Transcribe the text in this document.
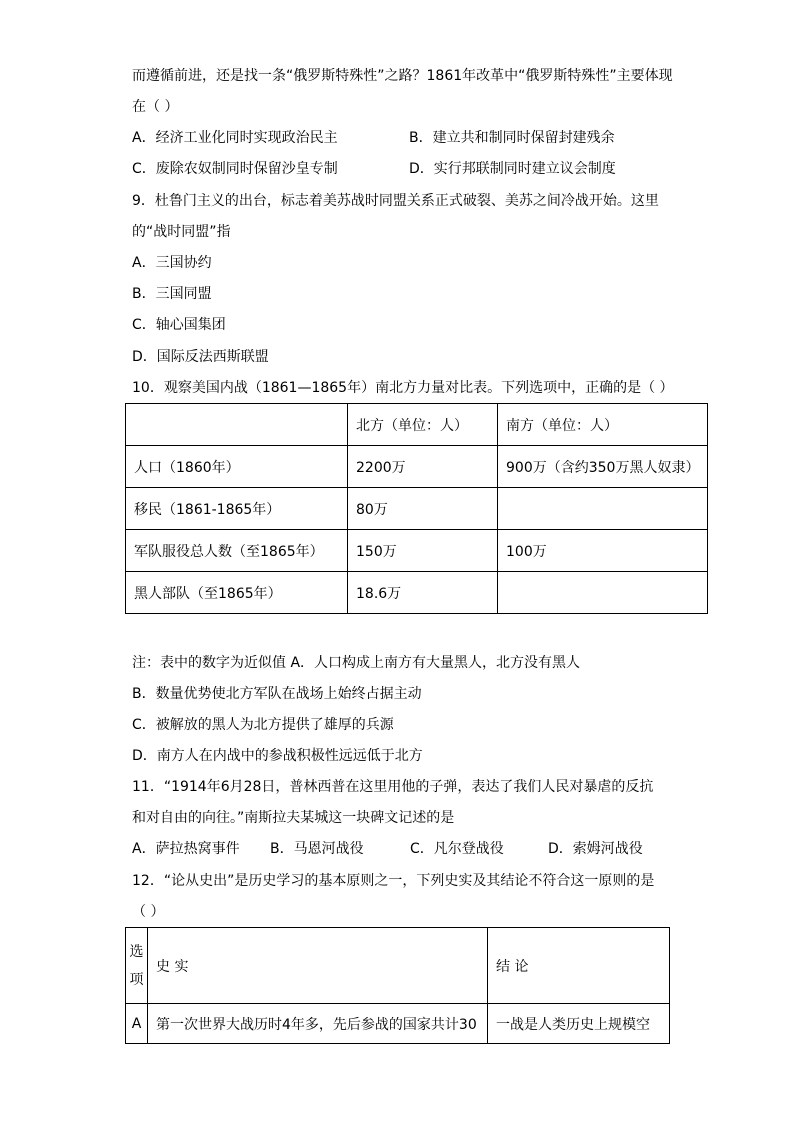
而遵循前进，还是找一条“俄罗斯特殊性”之路？1861年改革中“俄罗斯特殊性”主要体现
在（ ）
A．经济工业化同时实现政治民主	B．建立共和制同时保留封建残余
C．废除农奴制同时保留沙皇专制	D．实行邦联制同时建立议会制度
9．杜鲁门主义的出台，标志着美苏战时同盟关系正式破裂、美苏之间冷战开始。这里
的“战时同盟”指
A．三国协约
B．三国同盟
C．轴心国集团
D．国际反法西斯联盟
10．观察美国内战（1861—1865年）南北方力量对比表。下列选项中，正确的是（ ）
	北方（单位：人）	南方（单位：人）
人口（1860年）	2200万	900万（含约350万黑人奴隶）
移民（1861-1865年）	80万	
军队服役总人数（至1865年）	150万	100万
黑人部队（至1865年）	18.6万	
注：表中的数字为近似值 A．人口构成上南方有大量黑人，北方没有黑人
B．数量优势使北方军队在战场上始终占据主动
C．被解放的黑人为北方提供了雄厚的兵源
D．南方人在内战中的参战积极性远远低于北方
11．“1914年6月28日，普林西普在这里用他的子弹，表达了我们人民对暴虐的反抗
和对自由的向往。”南斯拉夫某城这一块碑文记述的是
A．萨拉热窝事件 B．马恩河战役	C．凡尔登战役	D．索姆河战役
12．“论从史出”是历史学习的基本原则之一，下列史实及其结论不符合这一原则的是
（ ）
选项	史 实	结 论
A	第一次世界大战历时4年多，先后参战的国家共计30	一战是人类历史上规模空
